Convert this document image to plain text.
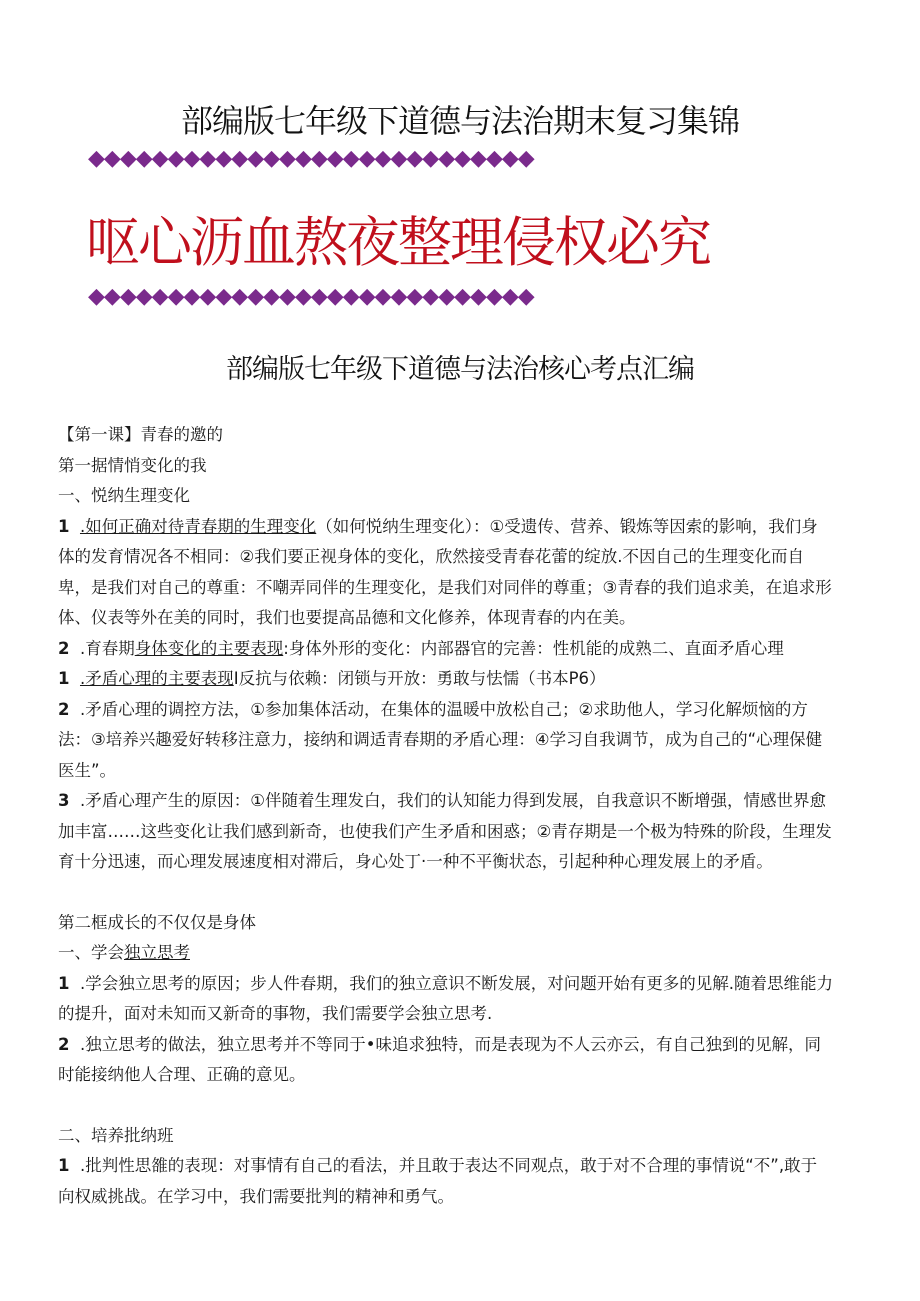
部编版七年级下道德与法治期末复习集锦
◆◆◆◆◆◆◆◆◆◆◆◆◆◆◆◆◆◆◆◆◆◆◆◆◆◆◆◆
呕心沥血熬夜整理侵权必究
◆◆◆◆◆◆◆◆◆◆◆◆◆◆◆◆◆◆◆◆◆◆◆◆◆◆◆◆
部编版七年级下道德与法治核心考点汇编

【第一课】青春的邀的

第一据情悄变化的我

一、悦纳生理变化

1 .如何正确对待青春期的生理变化（如何悦纳生理变化）：①受遗传、营养、锻炼等因索的影响，我们身

体的发育情况各不相同：②我们要正视身体的变化，欣然接受青春花蕾的绽放.不因自己的生理变化而自

卑，是我们对自己的尊重：不嘲弄同伴的生理变化，是我们对同伴的尊重；③青春的我们追求美，在追求形

体、仪表等外在美的同时，我们也要提高品德和文化修养，体现青春的内在美。

2 .育春期身体变化的主要表现:身体外形的变化：内部器官的完善：性机能的成熟二、直面矛盾心理

1 .矛盾心理的主要表现I反抗与依赖：闭锁与开放：勇敢与怯懦（书本P6）

2 .矛盾心理的调控方法，①参加集体活动，在集体的温暖中放松自己；②求助他人，学习化解烦恼的方

法：③培养兴趣爱好转移注意力，接纳和调适青春期的矛盾心理：④学习自我调节，成为自己的“心理保健

医生”。

3 .矛盾心理产生的原因：①伴随着生理发白，我们的认知能力得到发展，自我意识不断增强，情感世界愈

加丰富……这些变化让我们感到新奇，也使我们产生矛盾和困惑；②青存期是一个极为特殊的阶段，生理发

育十分迅速，而心理发展速度相对滞后，身心处丁·一种不平衡状态，引起种种心理发展上的矛盾。

第二框成长的不仅仅是身体

一、学会独立思考

1 .学会独立思考的原因；步人件春期，我们的独立意识不断发展，对问题开始有更多的见解.随着思维能力

的提升，面对未知而又新奇的事物，我们需要学会独立思考.

2 .独立思考的做法，独立思考并不等同于•味追求独特，而是表现为不人云亦云，有自己独到的见解，同

时能接纳他人合理、正确的意见。

二、培养批纳班

1 .批判性思雒的表现：对事情有自己的看法，并且敢于表达不同观点，敢于对不合理的事情说“不”,敢于

向权威挑战。在学习中，我们需要批判的精神和勇气。
